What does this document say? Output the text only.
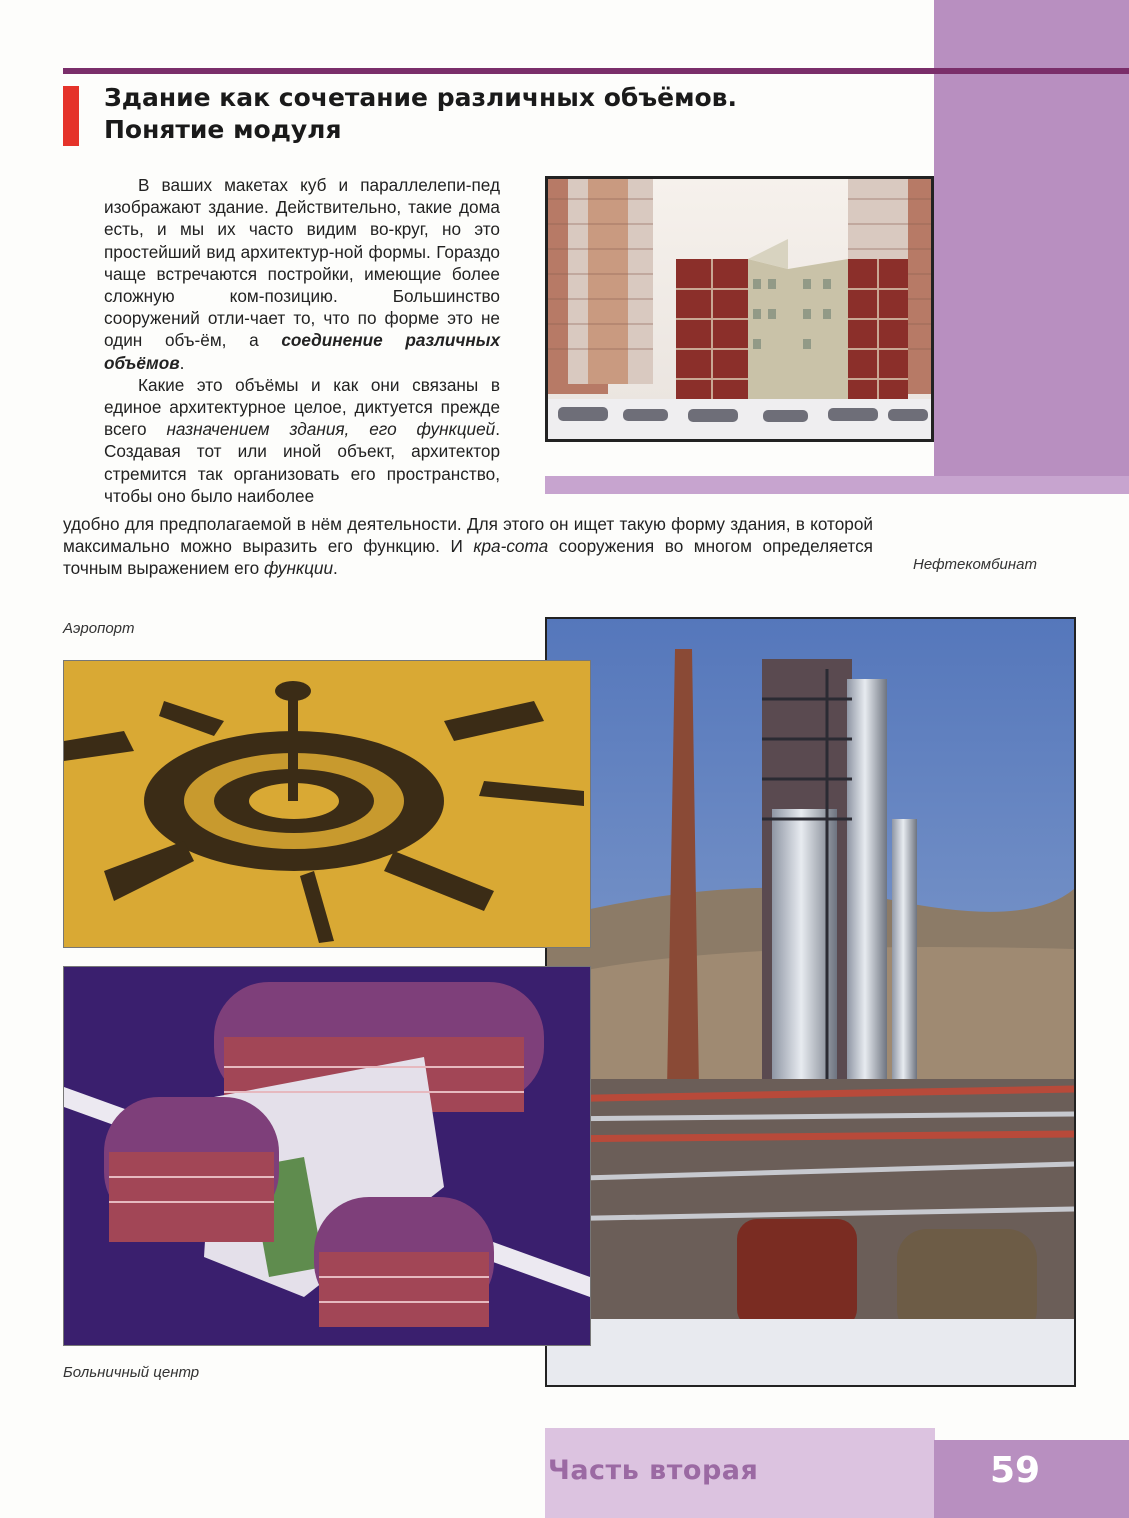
Здание как сочетание различных объёмов.
Понятие модуля
В ваших макетах куб и параллелепи-пед изображают здание. Действительно, такие дома есть, и мы их часто видим во-круг, но это простейший вид архитектур-ной формы. Гораздо чаще встречаются постройки, имеющие более сложную ком-позицию. Большинство сооружений отли-чает то, что по форме это не один объ-ём, а соединение различных объёмов.
Какие это объёмы и как они связаны в единое архитектурное целое, диктуется прежде всего назначением здания, его функцией. Создавая тот или иной объект, архитектор стремится так организовать его пространство, чтобы оно было наиболее
удобно для предполагаемой в нём деятельности. Для этого он ищет такую форму здания, в которой максимально можно выразить его функцию. И кра-сота сооружения во многом определяется точным выражением его функции.	Нефтекомбинат
Аэропорт
Больничный центр
Часть вторая	59
